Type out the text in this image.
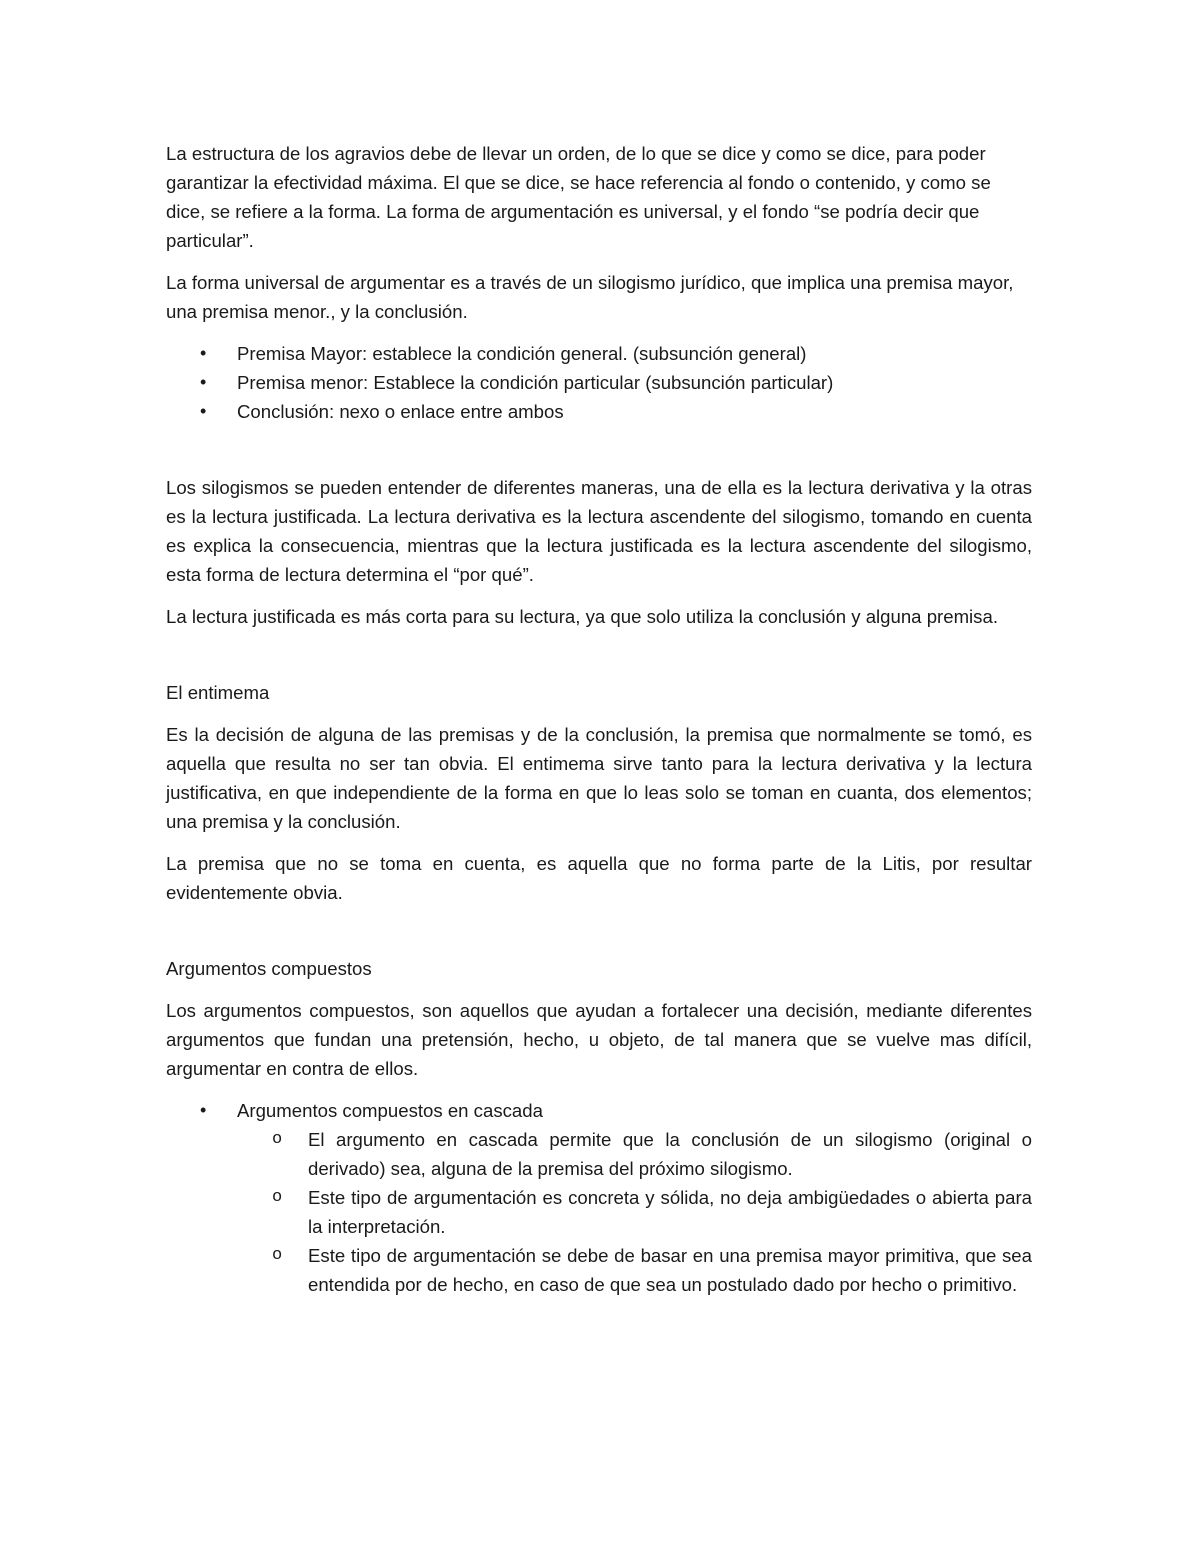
La estructura de los agravios debe de llevar un orden, de lo que se dice y como se dice, para poder garantizar la efectividad máxima. El que se dice, se hace referencia al fondo o contenido, y como se dice, se refiere a la forma. La forma de argumentación es universal, y el fondo “se podría decir que particular”.

La forma universal de argumentar es a través de un silogismo jurídico, que implica una premisa mayor, una premisa menor., y la conclusión.

• Premisa Mayor: establece la condición general. (subsunción general)
• Premisa menor: Establece la condición particular (subsunción particular)
• Conclusión: nexo o enlace entre ambos

Los silogismos se pueden entender de diferentes maneras, una de ella es la lectura derivativa y la otras es la lectura justificada. La lectura derivativa es la lectura ascendente del silogismo, tomando en cuenta es explica la consecuencia, mientras que la lectura justificada es la lectura ascendente del silogismo, esta forma de lectura determina el “por qué”.

La lectura justificada es más corta para su lectura, ya que solo utiliza la conclusión y alguna premisa.

El entimema

Es la decisión de alguna de las premisas y de la conclusión, la premisa que normalmente se tomó, es aquella que resulta no ser tan obvia. El entimema sirve tanto para la lectura derivativa y la lectura justificativa, en que independiente de la forma en que lo leas solo se toman en cuanta, dos elementos; una premisa y la conclusión.

La premisa que no se toma en cuenta, es aquella que no forma parte de la Litis, por resultar evidentemente obvia.

Argumentos compuestos

Los argumentos compuestos, son aquellos que ayudan a fortalecer una decisión, mediante diferentes argumentos que fundan una pretensión, hecho, u objeto, de tal manera que se vuelve mas difícil, argumentar en contra de ellos.

• Argumentos compuestos en cascada
o El argumento en cascada permite que la conclusión de un silogismo (original o derivado) sea, alguna de la premisa del próximo silogismo.
o Este tipo de argumentación es concreta y sólida, no deja ambigüedades o abierta para la interpretación.
o Este tipo de argumentación se debe de basar en una premisa mayor primitiva, que sea entendida por de hecho, en caso de que sea un postulado dado por hecho o primitivo.
